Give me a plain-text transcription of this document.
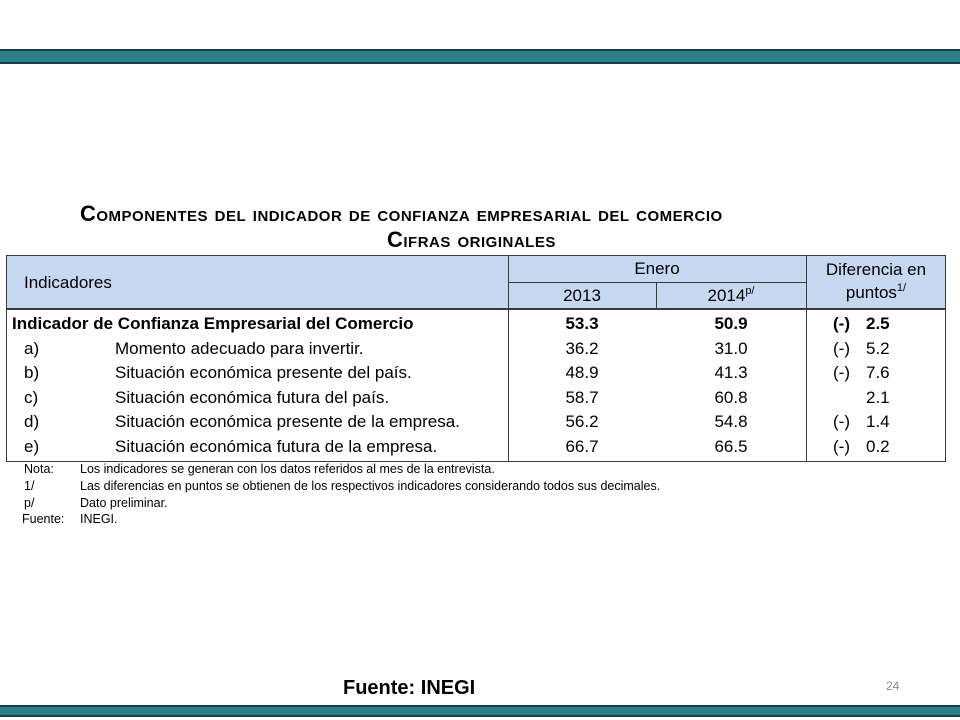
Componentes del indicador de confianza empresarial del comercio
Cifras originales
Indicadores
Enero
2013	2014$^{p/}$
Diferencia en
puntos$^{1/}$
Indicador de Confianza Empresarial del Comercio	53.3	50.9	(-) 2.5
a)	Momento adecuado para invertir.	36.2	31.0	(-) 5.2
b)	Situación económica presente del país.	48.9	41.3	(-) 7.6
c)	Situación económica futura del país.	58.7	60.8	2.1
d)	Situación económica presente de la empresa.	56.2	54.8	(-) 1.4
e)	Situación económica futura de la empresa.	66.7	66.5	(-) 0.2
Nota: Los indicadores se generan con los datos referidos al mes de la entrevista.
1/	Las diferencias en puntos se obtienen de los respectivos indicadores considerando todos sus decimales.
p/	Dato preliminar.
Fuente: INEGI.
Fuente: INEGI	24
